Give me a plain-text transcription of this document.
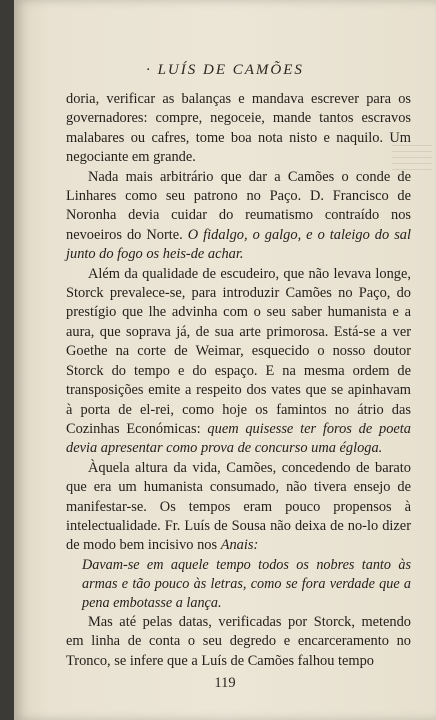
· LUÍS DE CAMÕES

doria, verificar as balanças e mandava escrever para os governadores: compre, negoceie, mande tantos escravos malabares ou cafres, tome boa nota nisto e naquilo. Um negociante em grande.

Nada mais arbitrário que dar a Camões o conde de Linhares como seu patrono no Paço. D. Francisco de Noronha devia cuidar do reumatismo contraído nos nevoeiros do Norte. O fidalgo, o galgo, e o taleigo do sal junto do fogo os heis-de achar.

Além da qualidade de escudeiro, que não levava longe, Storck prevalece-se, para introduzir Camões no Paço, do prestígio que lhe advinha com o seu saber humanista e a aura, que soprava já, de sua arte primorosa. Está-se a ver Goethe na corte de Weimar, esquecido o nosso doutor Storck do tempo e do espaço. E na mesma ordem de transposições emite a respeito dos vates que se apinhavam à porta de el-rei, como hoje os famintos no átrio das Cozinhas Económicas: quem quisesse ter foros de poeta devia apresentar como prova de concurso uma égloga.

Àquela altura da vida, Camões, concedendo de barato que era um humanista consumado, não tivera ensejo de manifestar-se. Os tempos eram pouco propensos à intelectualidade. Fr. Luís de Sousa não deixa de no-lo dizer de modo bem incisivo nos Anais:

Davam-se em aquele tempo todos os nobres tanto às armas e tão pouco às letras, como se fora verdade que a pena embotasse a lança.

Mas até pelas datas, verificadas por Storck, metendo em linha de conta o seu degredo e encarceramento no Tronco, se infere que a Luís de Camões falhou tempo

119
